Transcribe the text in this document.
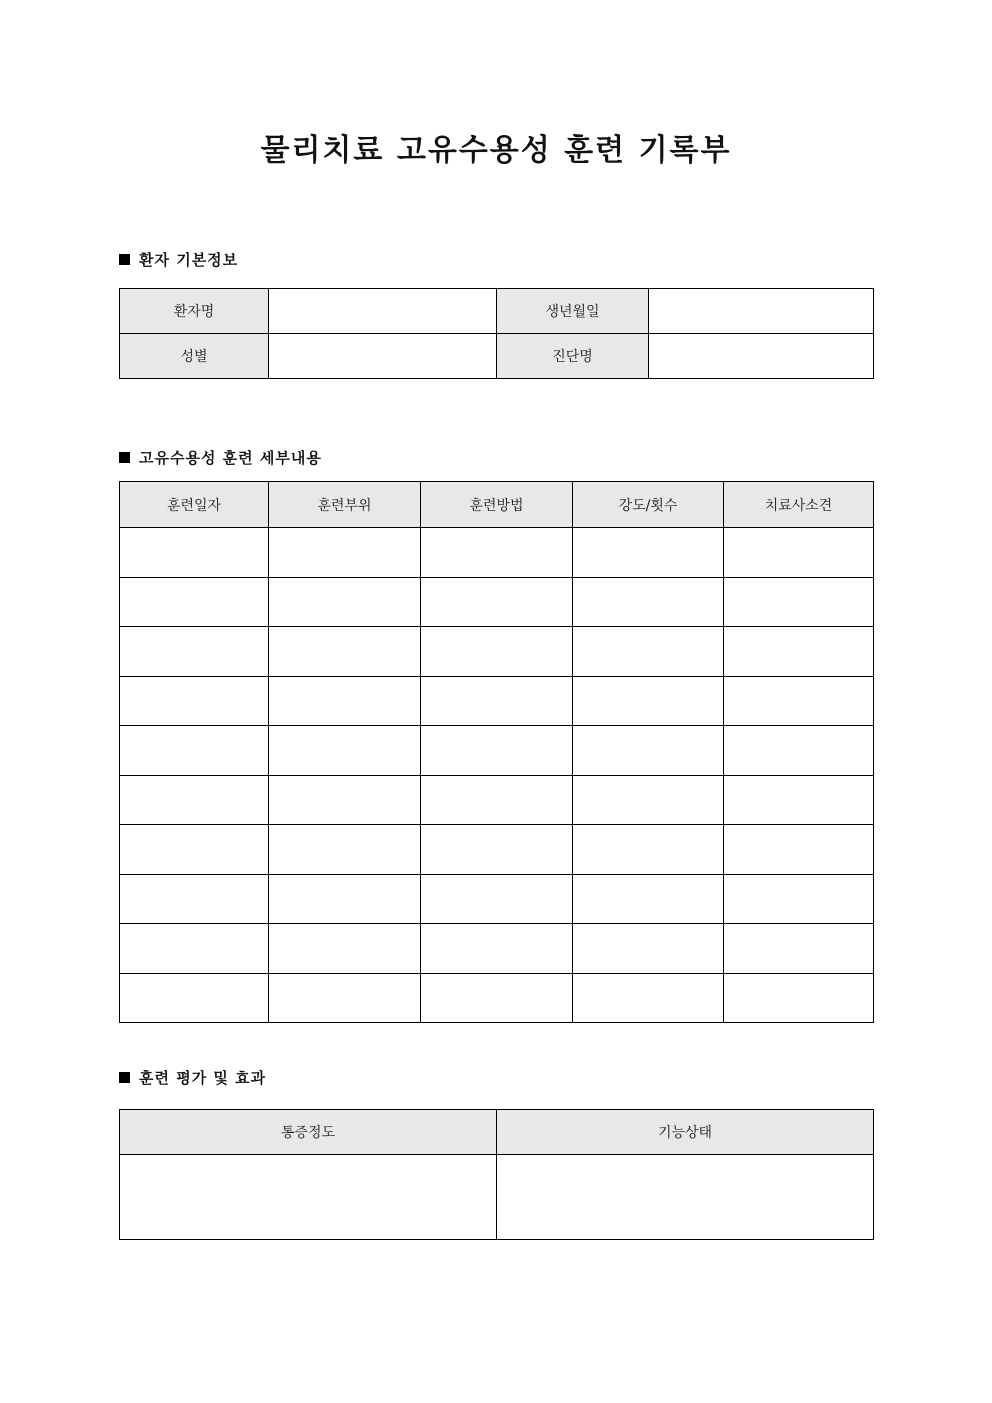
물리치료 고유수용성 훈련 기록부
환자 기본정보
환자명		생년월일	
성별		진단명	
고유수용성 훈련 세부내용
훈련일자	훈련부위	훈련방법	강도/횟수	치료사소견

훈련 평가 및 효과
통증정도	기능상태
